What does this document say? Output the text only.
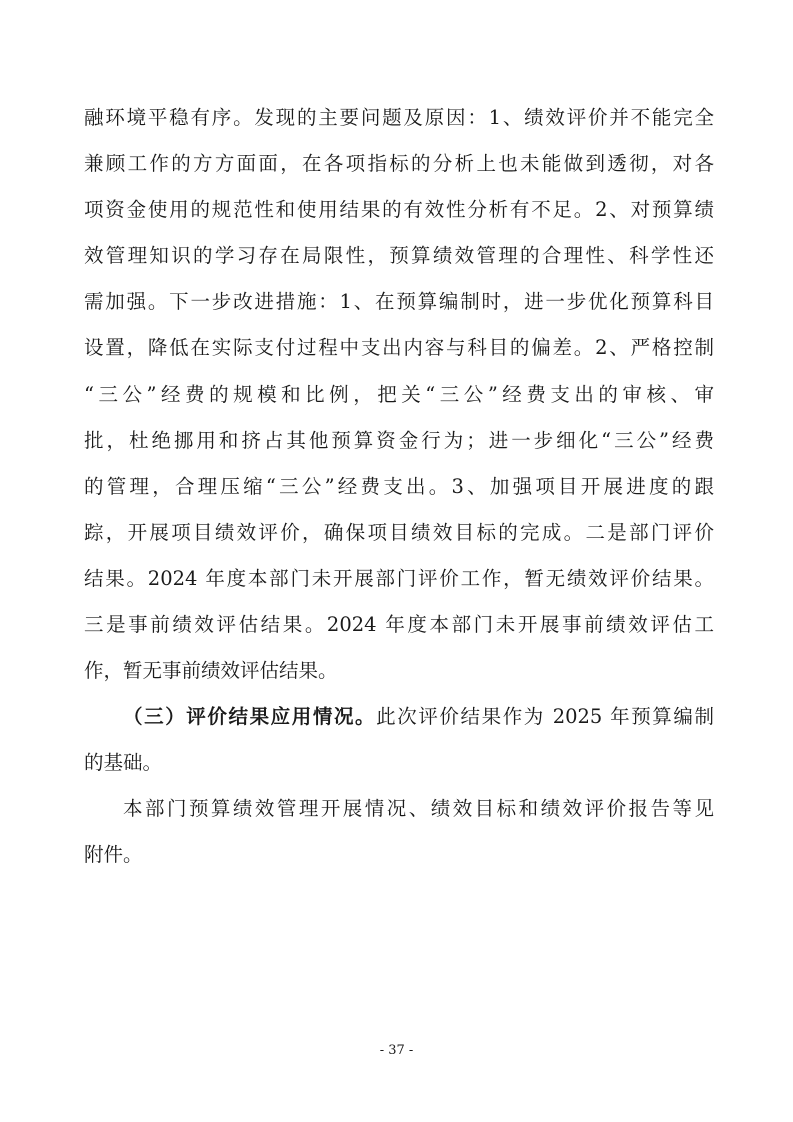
融环境平稳有序。发现的主要问题及原因：1、绩效评价并不能完全
兼顾工作的方方面面，在各项指标的分析上也未能做到透彻，对各
项资金使用的规范性和使用结果的有效性分析有不足。2、对预算绩
效管理知识的学习存在局限性，预算绩效管理的合理性、科学性还
需加强。下一步改进措施：1、在预算编制时，进一步优化预算科目
设置，降低在实际支付过程中支出内容与科目的偏差。2、严格控制
“三公”经费的规模和比例，把关“三公”经费支出的审核、审
批，杜绝挪用和挤占其他预算资金行为；进一步细化“三公”经费
的管理，合理压缩“三公”经费支出。3、加强项目开展进度的跟
踪，开展项目绩效评价，确保项目绩效目标的完成。二是部门评价
结果。2024 年度本部门未开展部门评价工作，暂无绩效评价结果。
三是事前绩效评估结果。2024 年度本部门未开展事前绩效评估工
作，暂无事前绩效评估结果。
（三）评价结果应用情况。此次评价结果作为 2025 年预算编制
的基础。
本部门预算绩效管理开展情况、绩效目标和绩效评价报告等见
附件。
- 37 -
